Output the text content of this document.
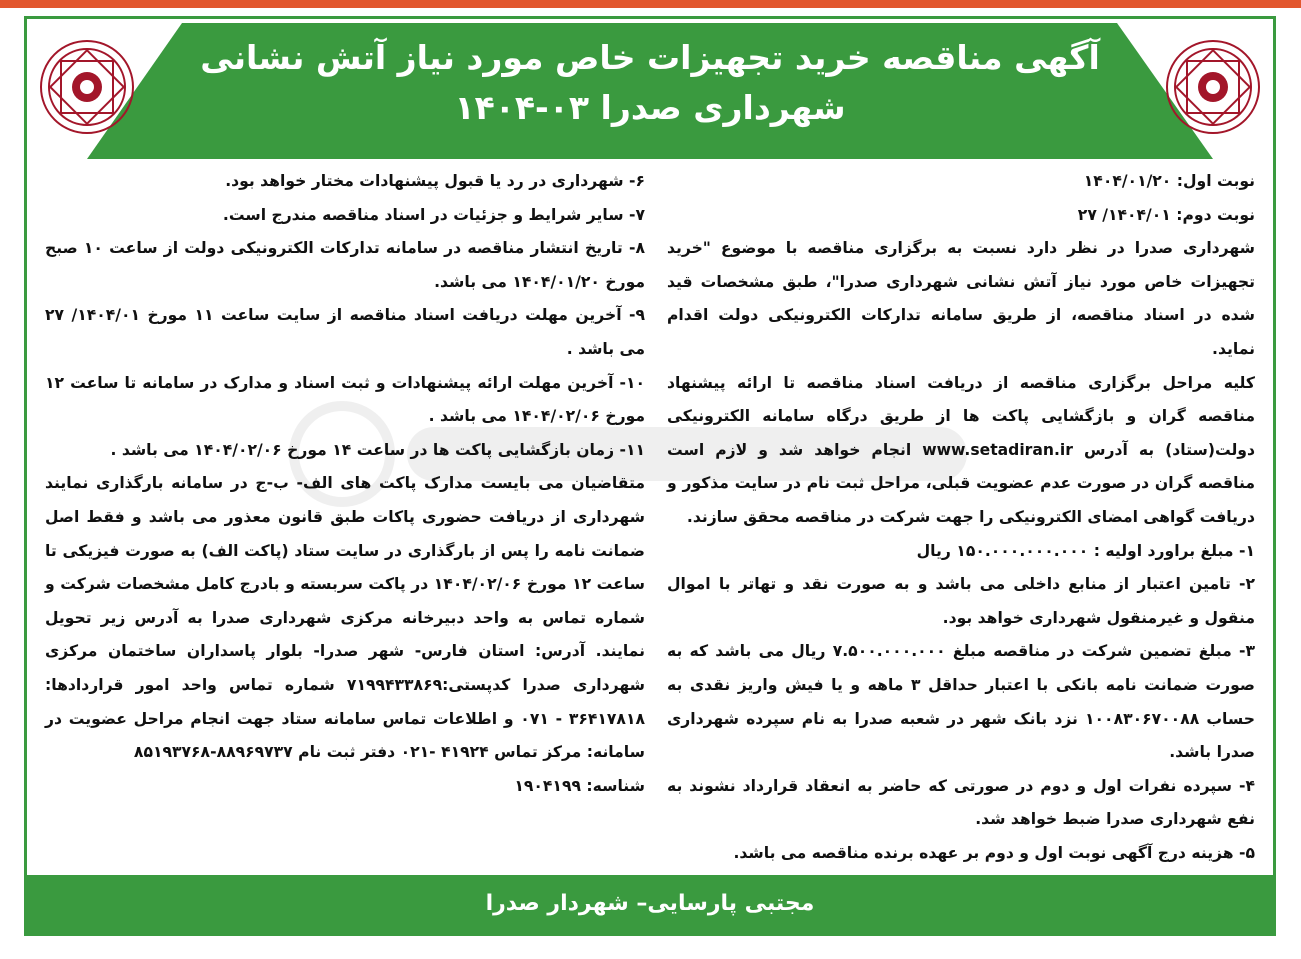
آگهی مناقصه خرید تجهیزات خاص مورد نیاز آتش نشانی شهرداری صدرا ۰۳-۱۴۰۴

نوبت اول: ۱۴۰۴/۰۱/۲۰

نوبت دوم: ۱۴۰۴/۰۱/ ۲۷

شهرداری صدرا در نظر دارد نسبت به برگزاری مناقصه با موضوع "خرید تجهیزات خاص مورد نیاز آتش نشانی شهرداری صدرا"، طبق مشخصات قید شده در اسناد مناقصه، از طریق سامانه تدارکات الکترونیکی دولت اقدام نماید.

کلیه مراحل برگزاری مناقصه از دریافت اسناد مناقصه تا ارائه پیشنهاد مناقصه گران و بازگشایی پاکت ها از طریق درگاه سامانه الکترونیکی دولت(ستاد) به آدرس www.setadiran.ir انجام خواهد شد و لازم است مناقصه گران در صورت عدم عضویت قبلی، مراحل ثبت نام در سایت مذکور و دریافت گواهی امضای الکترونیکی را جهت شرکت در مناقصه محقق سازند.

۱- مبلغ براورد اولیه : ۱۵۰.۰۰۰.۰۰۰.۰۰۰ ریال

۲- تامین اعتبار از منابع داخلی می باشد و به صورت نقد و تهاتر با اموال منقول و غیرمنقول شهرداری خواهد بود.

۳- مبلغ تضمین شرکت در مناقصه مبلغ ۷.۵۰۰.۰۰۰.۰۰۰ ریال می باشد که به صورت ضمانت نامه بانکی با اعتبار حداقل ۳ ماهه و یا فیش واریز نقدی به حساب ۱۰۰۸۳۰۶۷۰۰۸۸ نزد بانک شهر در شعبه صدرا به نام سپرده شهرداری صدرا باشد.

۴- سپرده نفرات اول و دوم در صورتی که حاضر به انعقاد قرارداد نشوند به نفع شهرداری صدرا ضبط خواهد شد.

۵- هزینه درج آگهی نوبت اول و دوم بر عهده برنده مناقصه می باشد.

۶- شهرداری در رد یا قبول پیشنهادات مختار خواهد بود.

۷- سایر شرایط و جزئیات در اسناد مناقصه مندرج است.

۸- تاریخ انتشار مناقصه در سامانه تدارکات الکترونیکی دولت از ساعت ۱۰ صبح مورخ ۱۴۰۴/۰۱/۲۰ می باشد.

۹- آخرین مهلت دریافت اسناد مناقصه از سایت ساعت ۱۱ مورخ ۱۴۰۴/۰۱/ ۲۷ می باشد .

۱۰- آخرین مهلت ارائه پیشنهادات و ثبت اسناد و مدارک در سامانه تا ساعت ۱۲ مورخ ۱۴۰۴/۰۲/۰۶ می باشد .

۱۱- زمان بازگشایی پاکت ها در ساعت ۱۴ مورخ ۱۴۰۴/۰۲/۰۶ می باشد .

متقاضیان می بایست مدارک پاکت های الف- ب-ج در سامانه بارگذاری نمایند شهرداری از دریافت حضوری پاکات طبق قانون معذور می باشد و فقط اصل ضمانت نامه را پس از بارگذاری در سایت ستاد (پاکت الف) به صورت فیزیکی تا ساعت ۱۲ مورخ ۱۴۰۴/۰۲/۰۶ در پاکت سربسته و بادرج کامل مشخصات شرکت و شماره تماس به واحد دبیرخانه مرکزی شهرداری صدرا به آدرس زیر تحویل نمایند. آدرس: استان فارس- شهر صدرا- بلوار پاسداران ساختمان مرکزی شهرداری صدرا کدپستی:۷۱۹۹۴۳۳۸۶۹ شماره تماس واحد امور قراردادها: ۳۶۴۱۷۸۱۸ - ۰۷۱ و اطلاعات تماس سامانه ستاد جهت انجام مراحل عضویت در سامانه: مرکز تماس ۴۱۹۲۴ -۰۲۱ دفتر ثبت نام ۸۸۹۶۹۷۳۷-۸۵۱۹۳۷۶۸

شناسه: ۱۹۰۴۱۹۹

مجتبی پارسایی– شهردار صدرا
